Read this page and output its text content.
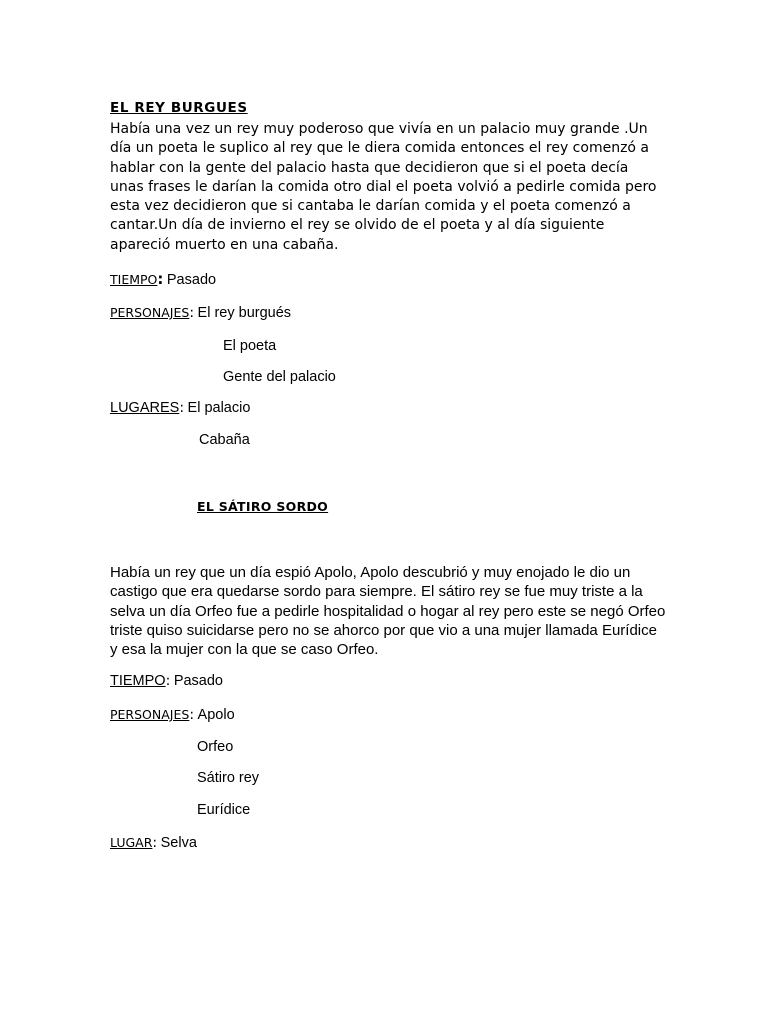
EL REY BURGUES
Había una vez un rey muy poderoso que vivía en un palacio muy grande .Un día un poeta le suplico al rey que le diera comida entonces el rey comenzó a hablar con la gente del palacio hasta que decidieron que si el poeta decía unas frases le darían la comida otro dial el poeta volvió a pedirle comida pero esta vez decidieron que si cantaba le darían comida y el poeta comenzó a cantar.Un día de invierno el rey se olvido de el poeta y al día siguiente apareció muerto en una cabaña.
TIEMPO: Pasado
PERSONAJES: El rey burgués
El poeta
Gente del palacio
LUGARES: El palacio
Cabaña
EL SÁTIRO SORDO
Había un rey que un día espió Apolo, Apolo descubrió y muy enojado le dio un castigo que era quedarse sordo para siempre. El sátiro rey se fue muy triste a la selva un día Orfeo fue a pedirle hospitalidad o hogar al rey pero este se negó Orfeo triste quiso suicidarse pero no se ahorco por que vio a una mujer llamada Eurídice y esa la mujer con la que se caso Orfeo.
TIEMPO: Pasado
PERSONAJES: Apolo
Orfeo
Sátiro rey
Eurídice
LUGAR: Selva
